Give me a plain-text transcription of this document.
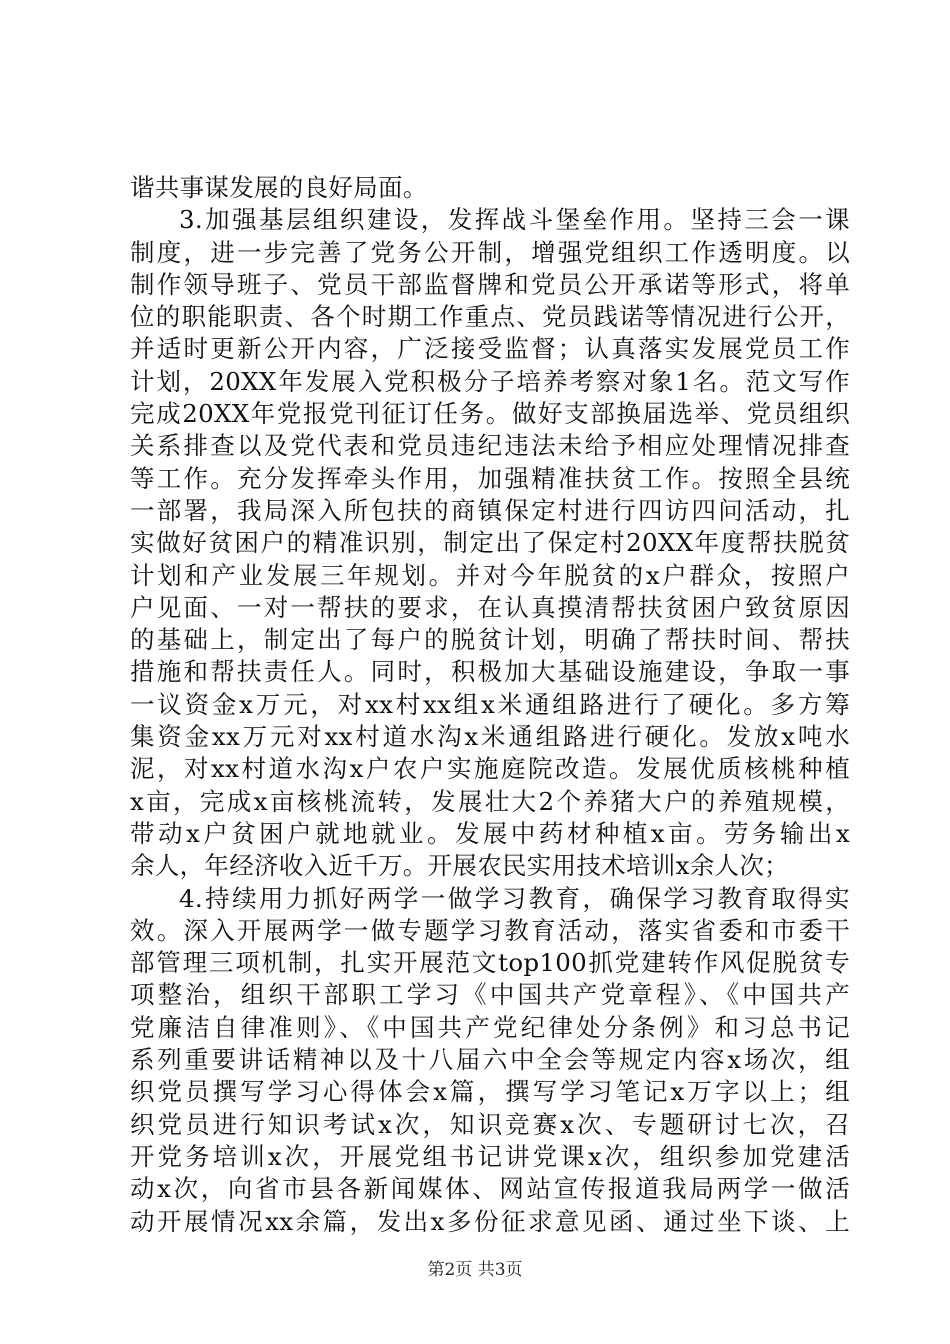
谐共事谋发展的良好局面。
3.加强基层组织建设，发挥战斗堡垒作用。坚持三会一课
制度，进一步完善了党务公开制，增强党组织工作透明度。以
制作领导班子、党员干部监督牌和党员公开承诺等形式，将单
位的职能职责、各个时期工作重点、党员践诺等情况进行公开，
并适时更新公开内容，广泛接受监督；认真落实发展党员工作
计划，20XX年发展入党积极分子培养考察对象1名。范文写作
完成20XX年党报党刊征订任务。做好支部换届选举、党员组织
关系排查以及党代表和党员违纪违法未给予相应处理情况排查
等工作。充分发挥牵头作用，加强精准扶贫工作。按照全县统
一部署，我局深入所包扶的商镇保定村进行四访四问活动，扎
实做好贫困户的精准识别，制定出了保定村20XX年度帮扶脱贫
计划和产业发展三年规划。并对今年脱贫的x户群众，按照户
户见面、一对一帮扶的要求，在认真摸清帮扶贫困户致贫原因
的基础上，制定出了每户的脱贫计划，明确了帮扶时间、帮扶
措施和帮扶责任人。同时，积极加大基础设施建设，争取一事
一议资金x万元，对xx村xx组x米通组路进行了硬化。多方筹
集资金xx万元对xx村道水沟x米通组路进行硬化。发放x吨水
泥，对xx村道水沟x户农户实施庭院改造。发展优质核桃种植
x亩，完成x亩核桃流转，发展壮大2个养猪大户的养殖规模，
带动x户贫困户就地就业。发展中药材种植x亩。劳务输出x
余人，年经济收入近千万。开展农民实用技术培训x余人次；
4.持续用力抓好两学一做学习教育，确保学习教育取得实
效。深入开展两学一做专题学习教育活动，落实省委和市委干
部管理三项机制，扎实开展范文top100抓党建转作风促脱贫专
项整治，组织干部职工学习《中国共产党章程》、《中国共产
党廉洁自律准则》、《中国共产党纪律处分条例》和习总书记
系列重要讲话精神以及十八届六中全会等规定内容x场次，组
织党员撰写学习心得体会x篇，撰写学习笔记x万字以上；组
织党员进行知识考试x次，知识竞赛x次、专题研讨七次，召
开党务培训x次，开展党组书记讲党课x次，组织参加党建活
动x次，向省市县各新闻媒体、网站宣传报道我局两学一做活
动开展情况xx余篇，发出x多份征求意见函、通过坐下谈、上
第2页 共3页
